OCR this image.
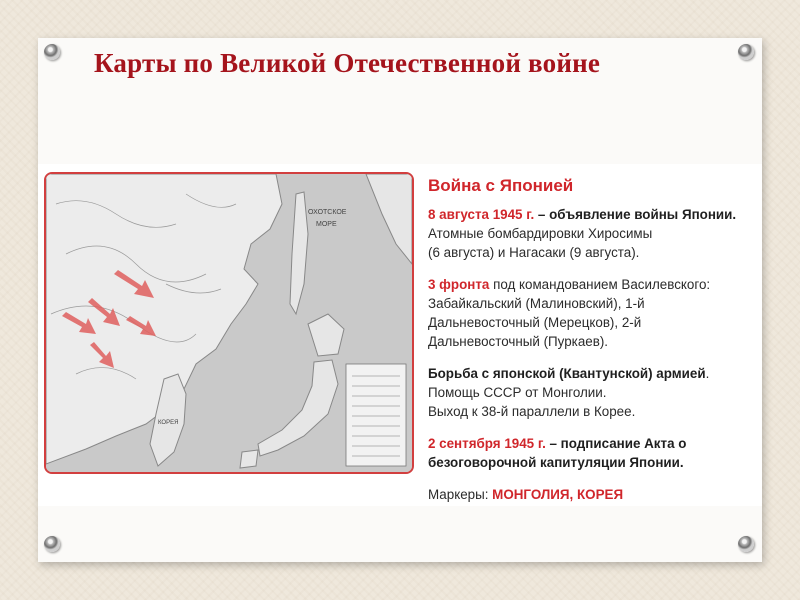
Карты по Великой Отечественной войне
ОХОТСКОЕ
МОРЕ
КОРЕЯ
Война с Японией

8 августа 1945 г. – объявление войны Японии.
Атомные бомбардировки Хиросимы
(6 августа) и Нагасаки (9 августа).

3 фронта под командованием Василевского:
Забайкальский (Малиновский), 1-й
Дальневосточный (Мерецков), 2-й
Дальневосточный (Пуркаев).

Борьба с японской (Квантунской) армией.
Помощь СССР от Монголии.
Выход к 38-й параллели в Корее.

2 сентября 1945 г. – подписание Акта о
безоговорочной капитуляции Японии.

Маркеры: МОНГОЛИЯ, КОРЕЯ
